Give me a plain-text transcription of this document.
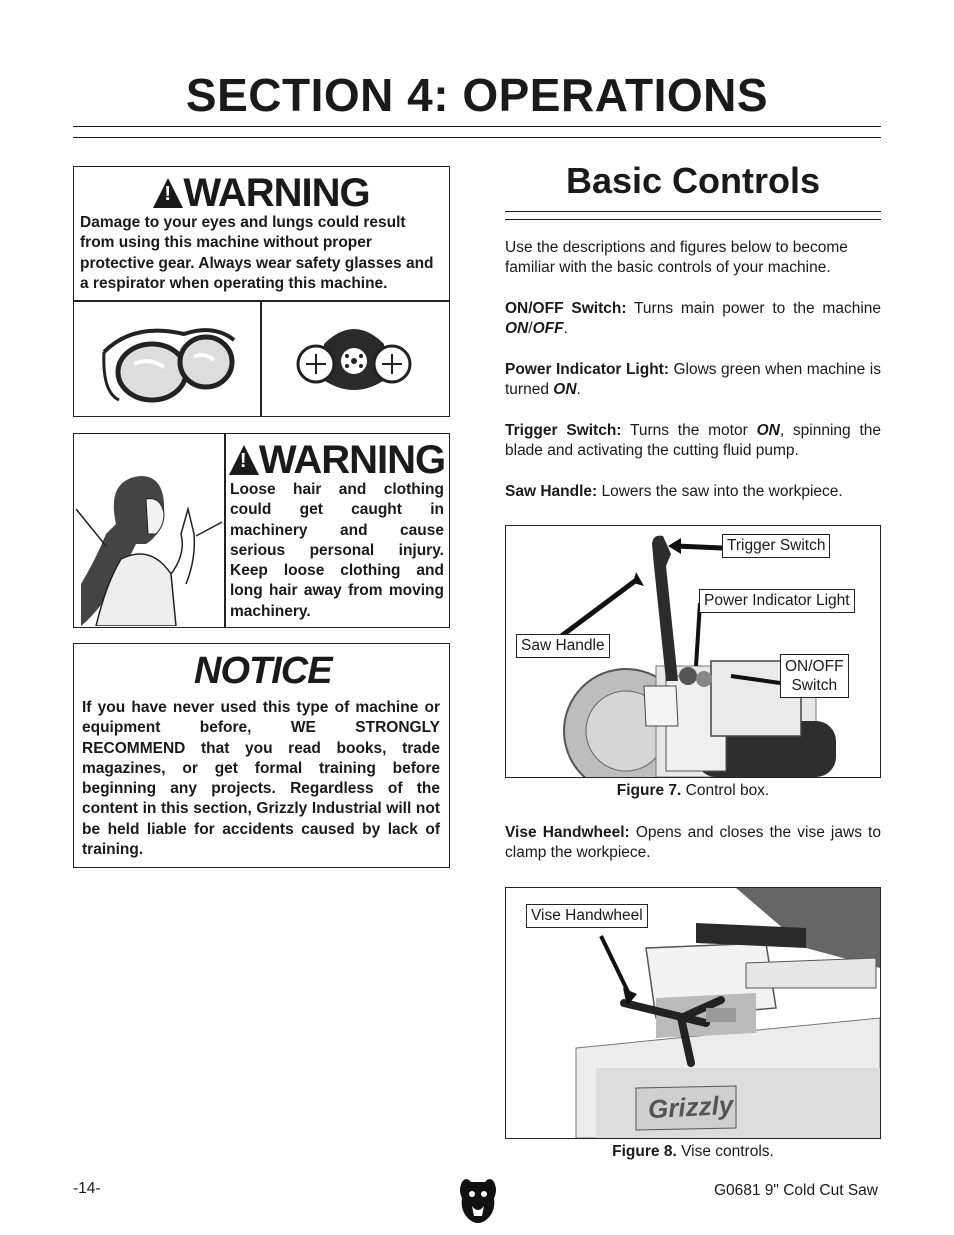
SECTION 4: OPERATIONS
!WARNING
Damage to your eyes and lungs could result from using this machine without proper protective gear. Always wear safety glasses and a respirator when operating this machine.
!WARNING
Loose hair and clothing could get caught in machinery and cause serious personal injury. Keep loose clothing and long hair away from moving machinery.
NOTICE
If you have never used this type of machine or equipment before, WE STRONGLY RECOMMEND that you read books, trade magazines, or get formal training before beginning any projects. Regardless of the content in this section, Grizzly Industrial will not be held liable for accidents caused by lack of training.
Basic Controls
Use the descriptions and figures below to become familiar with the basic controls of your machine.
ON/OFF Switch: Turns main power to the machine ON/OFF.
Power Indicator Light: Glows green when machine is turned ON.
Trigger Switch: Turns the motor ON, spinning the blade and activating the cutting fluid pump.
Saw Handle: Lowers the saw into the workpiece.
Trigger Switch
Power Indicator Light
Saw Handle
ON/OFF
Switch
Figure 7. Control box.
Vise Handwheel: Opens and closes the vise jaws to clamp the workpiece.
Grizzly
Vise Handwheel
Figure 8. Vise controls.
-14-	G0681 9" Cold Cut Saw
